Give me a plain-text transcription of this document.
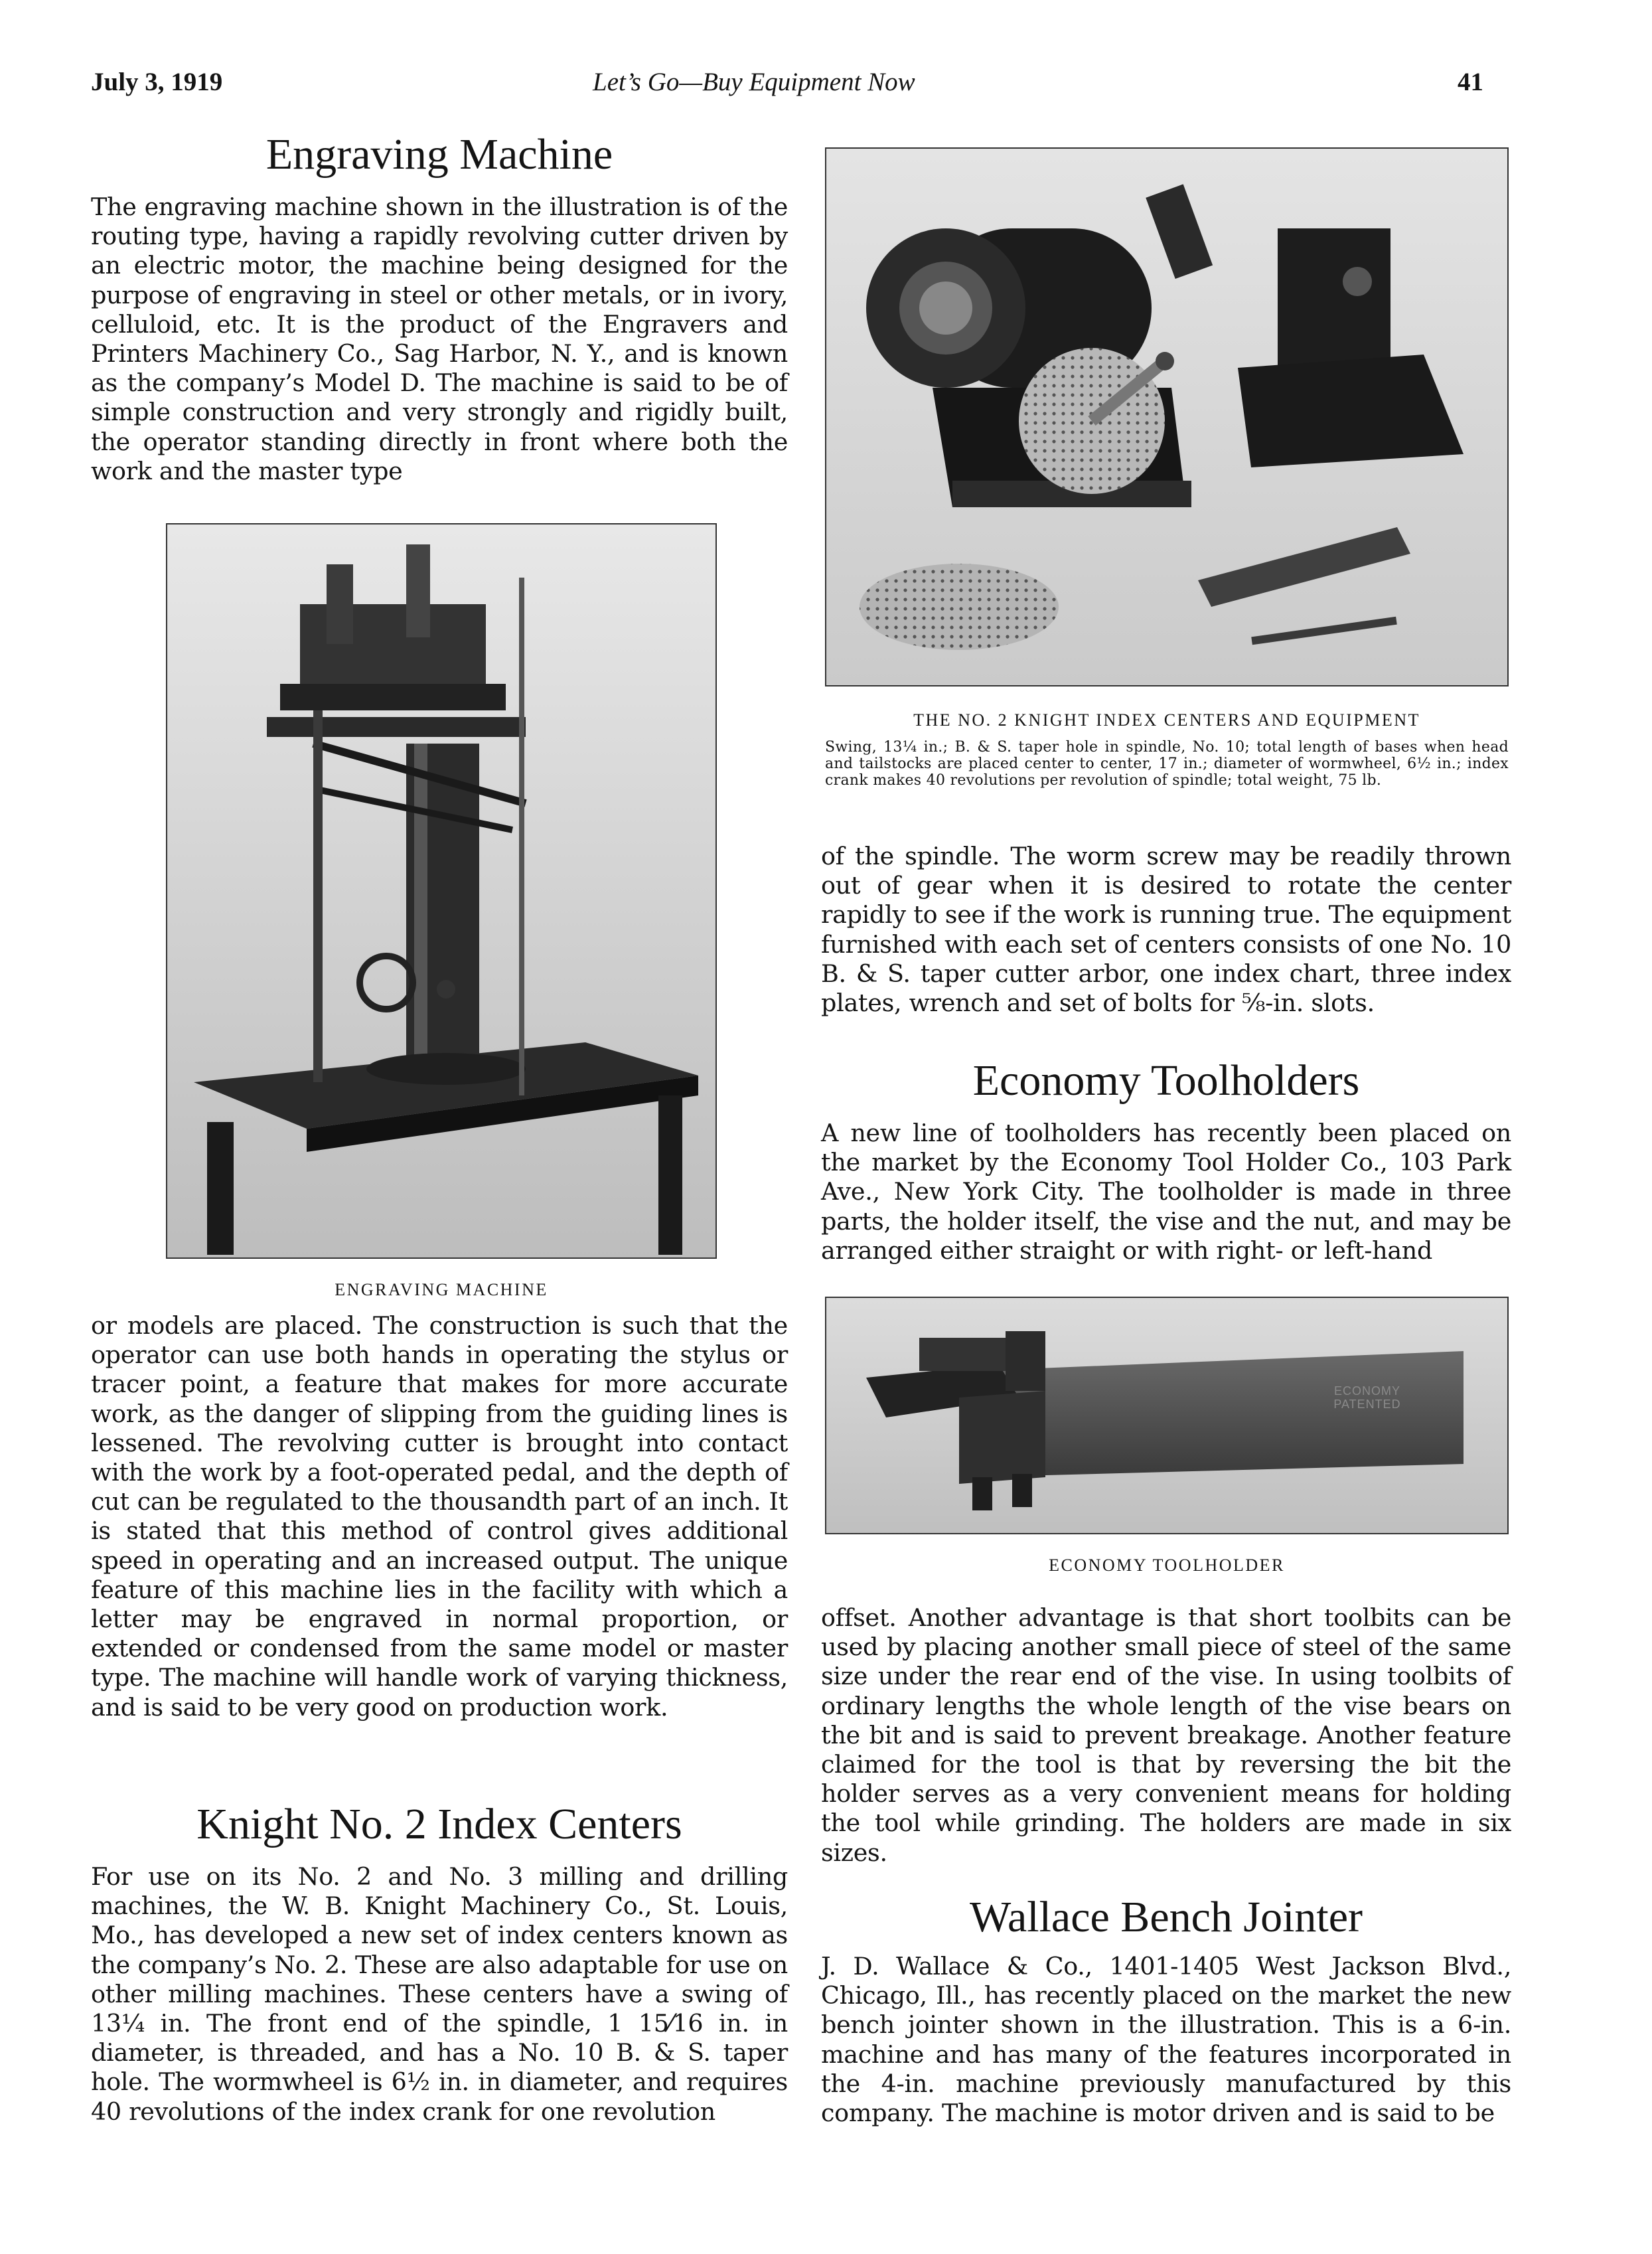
July 3, 1919	Let’s Go—Buy Equipment Now	41
Engraving Machine
The engraving machine shown in the illustration is of the routing type, having a rapidly revolving cutter driven by an electric motor, the machine being designed for the purpose of engraving in steel or other metals, or in ivory, celluloid, etc. It is the product of the Engravers and Printers Machinery Co., Sag Harbor, N. Y., and is known as the company’s Model D. The machine is said to be of simple construction and very strongly and rigidly built, the operator standing directly in front where both the work and the master type
ENGRAVING MACHINE
or models are placed. The construction is such that the operator can use both hands in operating the stylus or tracer point, a feature that makes for more accurate work, as the danger of slipping from the guiding lines is lessened. The revolving cutter is brought into contact with the work by a foot-operated pedal, and the depth of cut can be regulated to the thousandth part of an inch. It is stated that this method of control gives additional speed in operating and an increased output. The unique feature of this machine lies in the facility with which a letter may be engraved in normal proportion, or extended or condensed from the same model or master type. The machine will handle work of varying thickness, and is said to be very good on production work.
Knight No. 2 Index Centers
For use on its No. 2 and No. 3 milling and drilling machines, the W. B. Knight Machinery Co., St. Louis, Mo., has developed a new set of index centers known as the company’s No. 2. These are also adaptable for use on other milling machines. These centers have a swing of 13¼ in. The front end of the spindle, 1 15⁄16 in. in diameter, is threaded, and has a No. 10 B. & S. taper hole. The wormwheel is 6½ in. in diameter, and requires 40 revolutions of the index crank for one revolution
THE NO. 2 KNIGHT INDEX CENTERS AND EQUIPMENT
Swing, 13¼ in.; B. & S. taper hole in spindle, No. 10; total length of bases when head and tailstocks are placed center to center, 17 in.; diameter of wormwheel, 6½ in.; index crank makes 40 revolutions per revolution of spindle; total weight, 75 lb.
of the spindle. The worm screw may be readily thrown out of gear when it is desired to rotate the center rapidly to see if the work is running true. The equipment furnished with each set of centers consists of one No. 10 B. & S. taper cutter arbor, one index chart, three index plates, wrench and set of bolts for ⅝-in. slots.
Economy Toolholders
A new line of toolholders has recently been placed on the market by the Economy Tool Holder Co., 103 Park Ave., New York City. The toolholder is made in three parts, the holder itself, the vise and the nut, and may be arranged either straight or with right- or left-hand
ECONOMY PATENTED
ECONOMY TOOLHOLDER
offset. Another advantage is that short toolbits can be used by placing another small piece of steel of the same size under the rear end of the vise. In using toolbits of ordinary lengths the whole length of the vise bears on the bit and is said to prevent breakage. Another feature claimed for the tool is that by reversing the bit the holder serves as a very convenient means for holding the tool while grinding. The holders are made in six sizes.
Wallace Bench Jointer
J. D. Wallace & Co., 1401-1405 West Jackson Blvd., Chicago, Ill., has recently placed on the market the new bench jointer shown in the illustration. This is a 6-in. machine and has many of the features incorporated in the 4-in. machine previously manufactured by this company. The machine is motor driven and is said to be
